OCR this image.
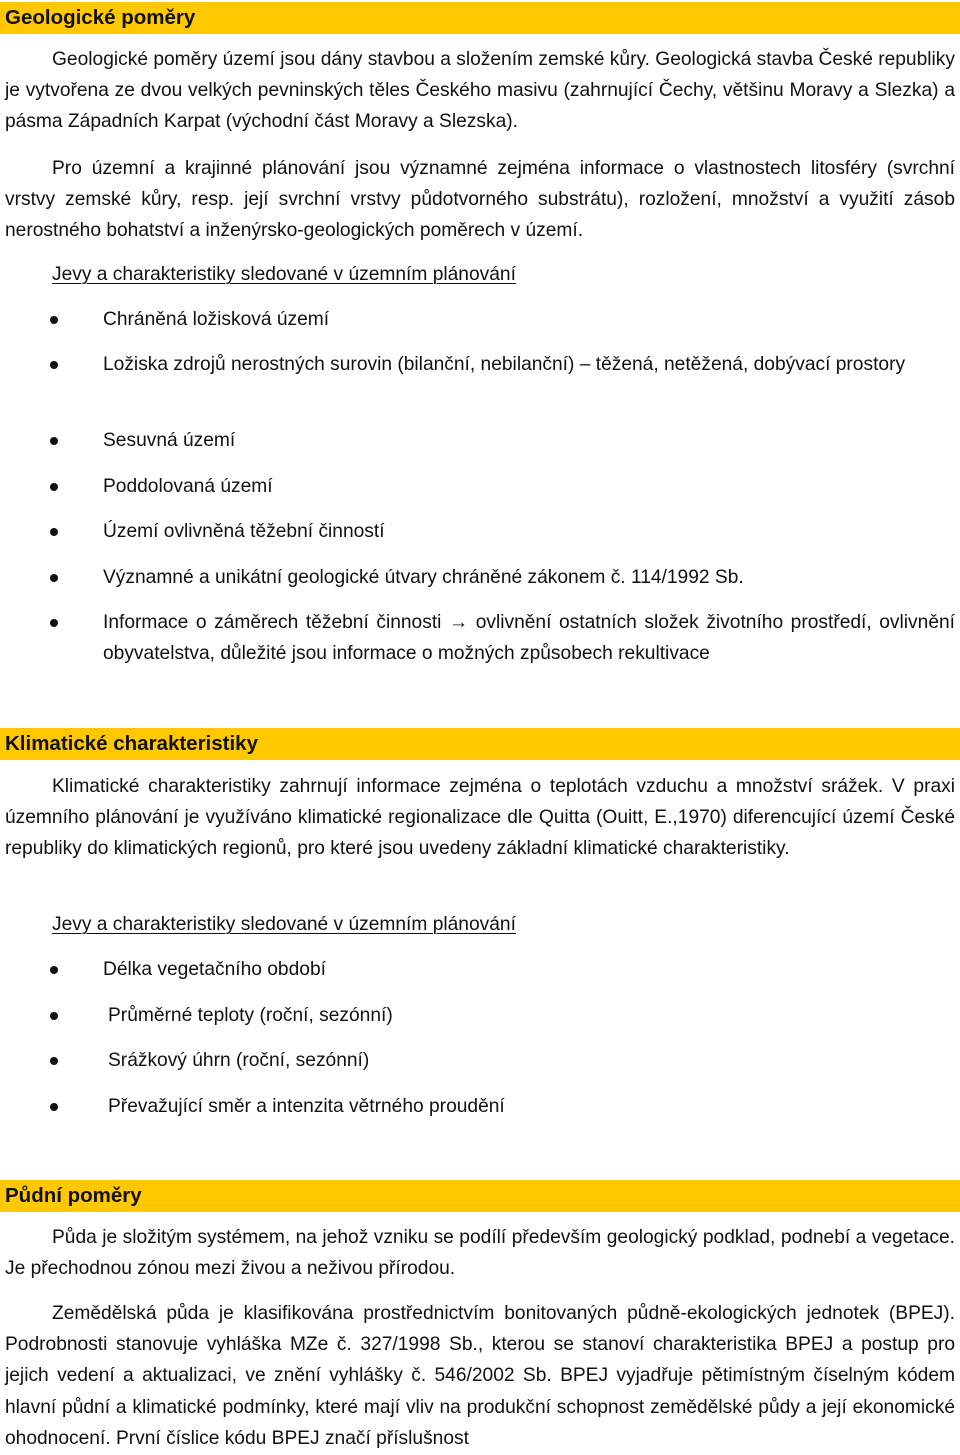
Geologické poměry
Geologické poměry území jsou dány stavbou a složením zemské kůry. Geologická stavba České republiky je vytvořena ze dvou velkých pevninských těles Českého masivu (zahrnující Čechy, většinu Moravy a Slezka) a pásma Západních Karpat (východní část Moravy a Slezska).
Pro územní a krajinné plánování jsou významné zejména informace o vlastnostech litosféry (svrchní vrstvy zemské kůry, resp. její svrchní vrstvy půdotvorného substrátu), rozložení, množství a využití zásob nerostného bohatství a inženýrsko-geologických poměrech v území.
Jevy a charakteristiky sledované v územním plánování
Chráněná ložisková území
Ložiska zdrojů nerostných surovin (bilanční, nebilanční) – těžená, netěžená, dobývací prostory
Sesuvná území
Poddolovaná území
Území ovlivněná těžební činností
Významné a unikátní geologické útvary chráněné zákonem č. 114/1992 Sb.
Informace o záměrech těžební činnosti → ovlivnění ostatních složek životního prostředí, ovlivnění obyvatelstva, důležité jsou informace o možných způsobech rekultivace
Klimatické charakteristiky
Klimatické charakteristiky zahrnují informace zejména o teplotách vzduchu a množství srážek. V praxi územního plánování je využíváno klimatické regionalizace dle Quitta (Ouitt, E.,1970) diferencující území České republiky do klimatických regionů, pro které jsou uvedeny základní klimatické charakteristiky.
Jevy a charakteristiky sledované v územním plánování
Délka vegetačního období
Průměrné teploty (roční, sezónní)
Srážkový úhrn (roční, sezónní)
Převažující směr a intenzita větrného proudění
Půdní poměry
Půda je složitým systémem, na jehož vzniku se podílí především geologický podklad, podnebí a vegetace. Je přechodnou zónou mezi živou a neživou přírodou.
Zemědělská půda je klasifikována prostřednictvím bonitovaných půdně-ekologických jednotek (BPEJ). Podrobnosti stanovuje vyhláška MZe č. 327/1998 Sb., kterou se stanoví charakteristika BPEJ a postup pro jejich vedení a aktualizaci, ve znění vyhlášky č. 546/2002 Sb. BPEJ vyjadřuje pětimístným číselným kódem hlavní půdní a klimatické podmínky, které mají vliv na produkční schopnost zemědělské půdy a její ekonomické ohodnocení. První číslice kódu BPEJ značí příslušnost
